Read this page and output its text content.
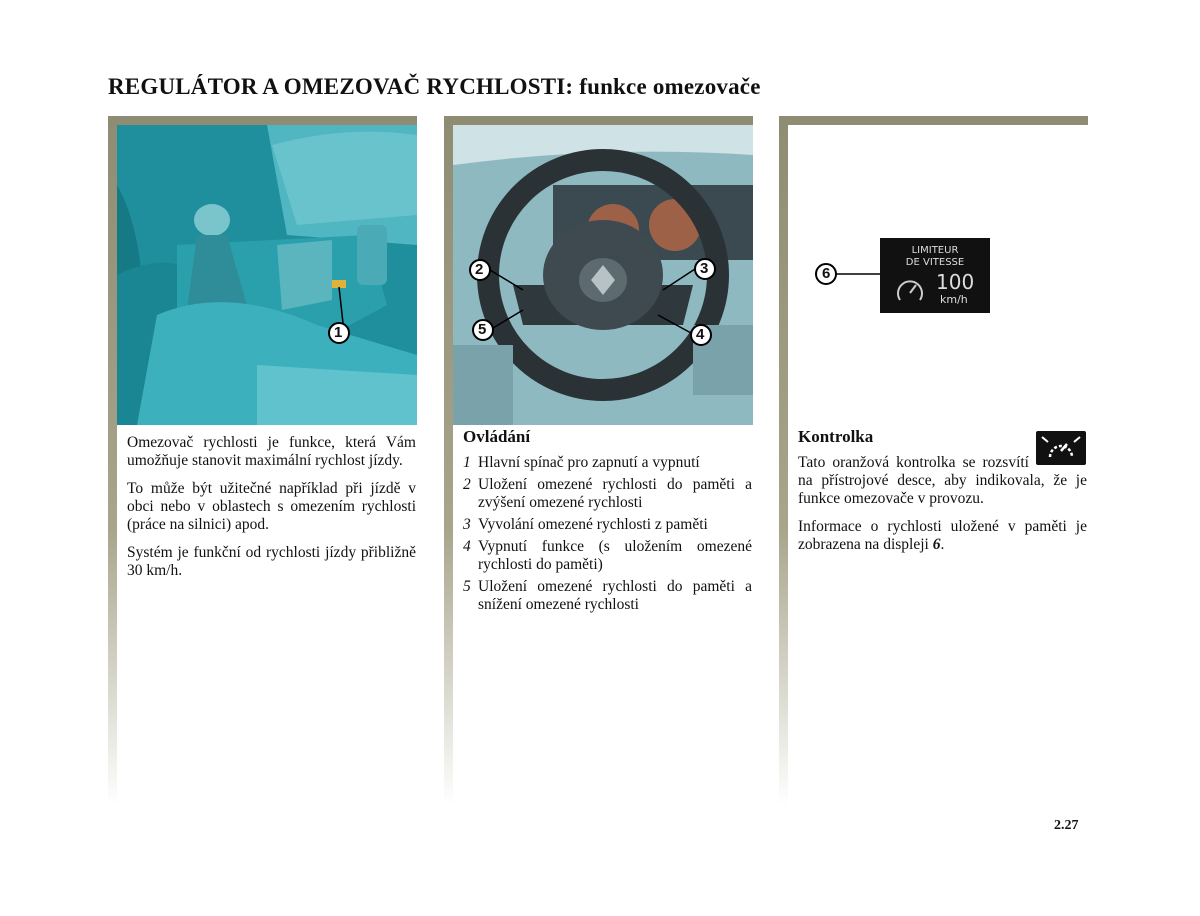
REGULÁTOR A OMEZOVAČ RYCHLOSTI: funkce omezovače
1

Omezovač rychlosti je funkce, která Vám umožňuje stanovit maximální rychlost jízdy.

To může být užitečné například při jízdě v obci nebo v oblastech s omezením rychlosti (práce na silnici) apod.

Systém je funkční od rychlosti jízdy přibližně 30 km/h.

2	3
5	4
Ovládání
1 Hlavní spínač pro zapnutí a vypnutí
2 Uložení omezené rychlosti do paměti a zvýšení omezené rychlosti
3 Vyvolání omezené rychlosti z paměti
4 Vypnutí funkce (s uložením omezené rychlosti do paměti)
5 Uložení omezené rychlosti do paměti a snížení omezené rychlosti
Kontrolka

Tato oranžová kontrolka se rozsvítí na přístrojové desce, aby indikovala, že je funkce omezovače v provozu.

Informace o rychlosti uložené v paměti je zobrazena na displeji 6.

6
LIMITEUR
DE VITESSE
100
km/h
2.27
